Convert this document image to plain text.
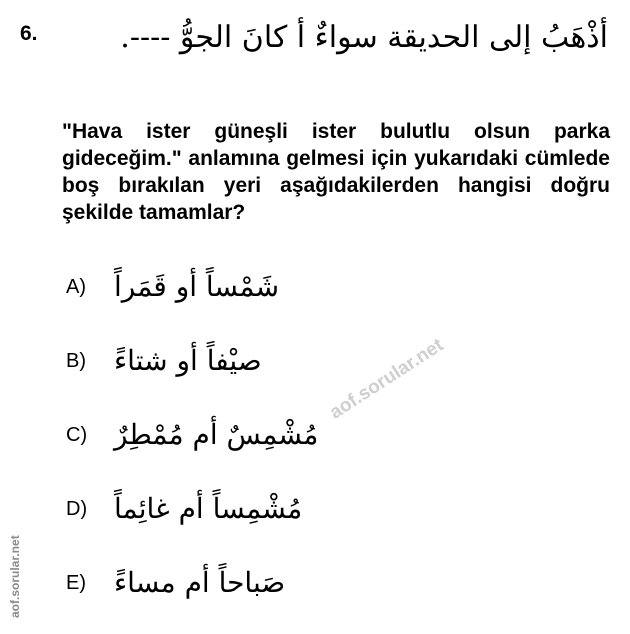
6.	أذْهَبُ إلى الحديقة سواءٌ أ كانَ الجوُّ ----.
"Hava ister güneşli ister bulutlu olsun parka gideceğim." anlamına gelmesi için yukarıdaki cümlede boş bırakılan yeri aşağıdakilerden hangisi doğru şekilde tamamlar?
A)	شَمْساً أو قَمَراً
B)	صيْفاً أو شتاءً
C) مُشْمِسٌ أم مُمْطِرٌ
D) مُشْمِساً أم غائِماً
E)	صَباحاً أم مساءً
aof.sorular.net
aof.sorular.net
